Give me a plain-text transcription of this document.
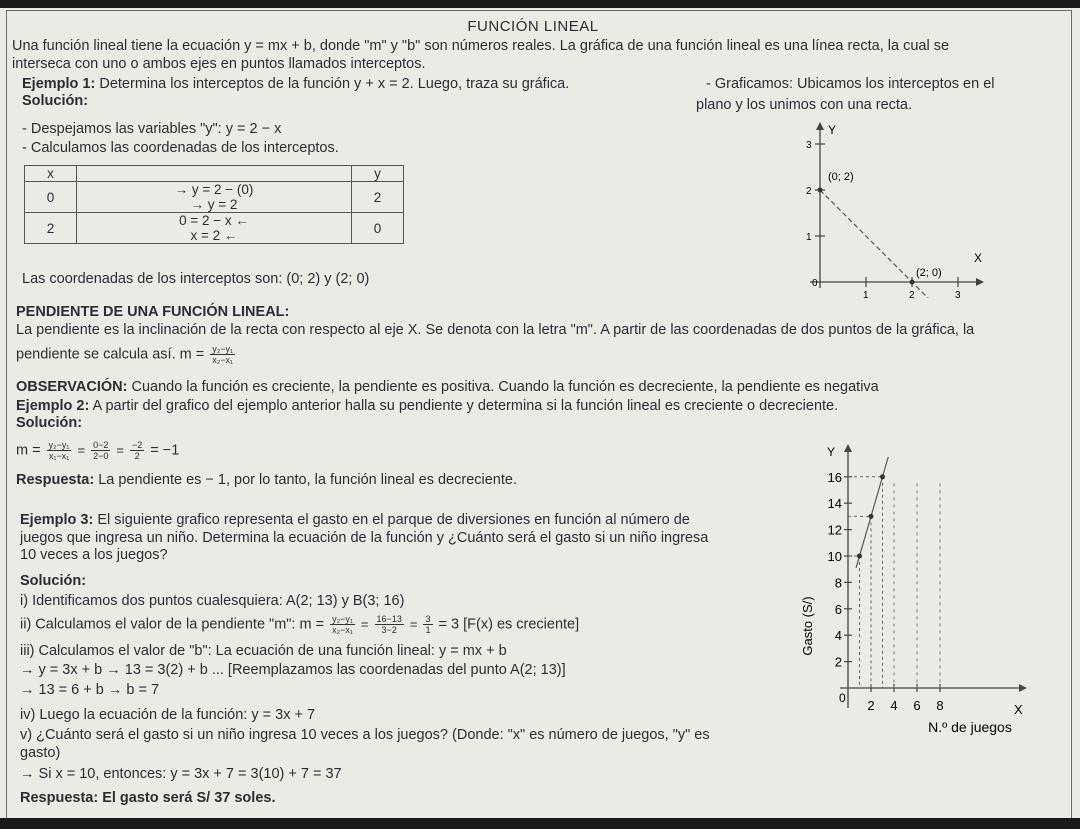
FUNCIÓN LINEAL
Una función lineal tiene la ecuación y = mx + b, donde "m" y "b" son números reales. La gráfica de una función lineal es una línea recta, la cual se
interseca con uno o ambos ejes en puntos llamados interceptos.
Ejemplo 1: Determina los interceptos de la función y + x = 2. Luego, traza su gráfica.
Solución:
- Despejamos las variables "y": y = 2 − x
- Calculamos las coordenadas de los interceptos.
x		y
0	→ y = 2 − (0)
→ y = 2	2
2	0 = 2 − x ←
x = 2 ←	0
Las coordenadas de los interceptos son: (0; 2) y (2; 0)
- Graficamos: Ubicamos los interceptos en el
plano y los unimos con una recta.
Y
X
0
1
2
3
1	2	3
(0; 2)
(2; 0)
PENDIENTE DE UNA FUNCIÓN LINEAL:
La pendiente es la inclinación de la recta con respecto al eje X. Se denota con la letra "m". A partir de las coordenadas de dos puntos de la gráfica, la
pendiente se calcula así. $m = \frac{\text{y₂−y₁}}{\text{x₂−x₁}}$
OBSERVACIÓN: Cuando la función es creciente, la pendiente es positiva. Cuando la función es decreciente, la pendiente es negativa
Ejemplo 2: A partir del grafico del ejemplo anterior halla su pendiente y determina si la función lineal es creciente o decreciente.
Solución:
$m = \frac{\text{y₂−y₁}}{\text{x₁−x₁}} = \frac{0-2}{2-0} = \frac{-2}{2} = -1$
Respuesta: La pendiente es − 1, por lo tanto, la función lineal es decreciente.
Ejemplo 3: El siguiente grafico representa el gasto en el parque de diversiones en función al número de
juegos que ingresa un niño. Determina la ecuación de la función y ¿Cuánto será el gasto si un niño ingresa
10 veces a los juegos?
Solución:
i) Identificamos dos puntos cualesquiera: A(2; 13) y B(3; 16)
ii) Calculamos el valor de la pendiente "m": $m = \frac{\text{y₂−y₁}}{\text{x₂−x₁}} = \frac{16-13}{3-2} = \frac{3}{1} = 3$ [F(x) es creciente]
iii) Calculamos el valor de "b": La ecuación de una función lineal: y = mx + b
→ y = 3x + b → 13 = 3(2) + b ... [Reemplazamos las coordenadas del punto A(2; 13)]
→ 13 = 6 + b → b = 7
iv) Luego la ecuación de la función: y = 3x + 7
v) ¿Cuánto será el gasto si un niño ingresa 10 veces a los juegos? (Donde: "x" es número de juegos, "y" es
gasto)
→ Si x = 10, entonces: y = 3x + 7 = 3(10) + 7 = 37
Respuesta: El gasto será S/ 37 soles.
Y
X
0
Gasto (S/)
N.º de juegos
2
4
6
8
10
12
14
16
2 4 6 8
